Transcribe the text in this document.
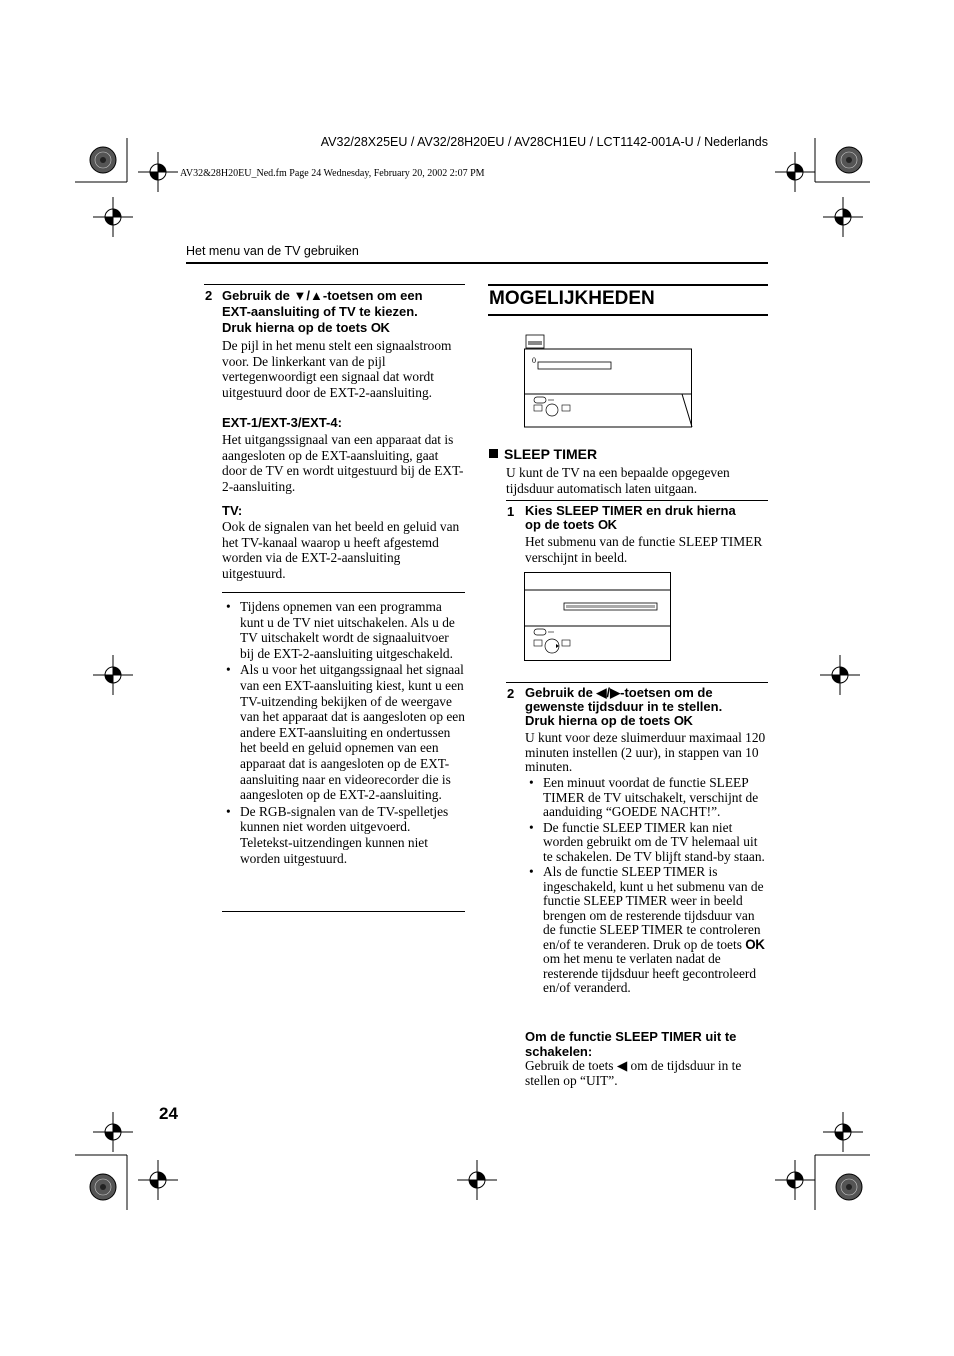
AV32/28X25EU / AV32/28H20EU / AV28CH1EU / LCT1142-001A-U / Nederlands
AV32&28H20EU_Ned.fm Page 24 Wednesday, February 20, 2002 2:07 PM
Het menu van de TV gebruiken
2 Gebruik de ▼/▲-toetsen om een
EXT-aansluiting of TV te kiezen.
Druk hierna op de toets OK
De pijl in het menu stelt een signaalstroom voor. De linkerkant van de pijl vertegenwoordigt een signaal dat wordt uitgestuurd door de EXT-2-aansluiting.
EXT-1/EXT-3/EXT-4:
Het uitgangssignaal van een apparaat dat is aangesloten op de EXT-aansluiting, gaat door de TV en wordt uitgestuurd bij de EXT-2-aansluiting.
TV:
Ook de signalen van het beeld en geluid van het TV-kanaal waarop u heeft afgestemd worden via de EXT-2-aansluiting uitgestuurd.
• Tijdens opnemen van een programma kunt u de TV niet uitschakelen. Als u de TV uitschakelt wordt de signaaluitvoer bij de EXT-2-aansluiting uitgeschakeld.
• Als u voor het uitgangssignaal het signaal van een EXT-aansluiting kiest, kunt u een TV-uitzending bekijken of de weergave van het apparaat dat is aangesloten op een andere EXT-aansluiting en ondertussen het beeld en geluid opnemen van een apparaat dat is aangesloten op de EXT-aansluiting naar en videorecorder die is aangesloten op de EXT-2-aansluiting.
• De RGB-signalen van de TV-spelletjes kunnen niet worden uitgevoerd. Teletekst-uitzendingen kunnen niet worden uitgestuurd.
MOGELIJKHEDEN
0
SLEEP TIMER
U kunt de TV na een bepaalde opgegeven tijdsduur automatisch laten uitgaan.
1 Kies SLEEP TIMER en druk hierna
op de toets OK
Het submenu van de functie SLEEP TIMER verschijnt in beeld.
2 Gebruik de ◀/▶-toetsen om de
gewenste tijdsduur in te stellen.
Druk hierna op de toets OK
U kunt voor deze sluimerduur maximaal 120 minuten instellen (2 uur), in stappen van 10 minuten.
• Een minuut voordat de functie SLEEP TIMER de TV uitschakelt, verschijnt de aanduiding “GOEDE NACHT!”.
• De functie SLEEP TIMER kan niet worden gebruikt om de TV helemaal uit te schakelen. De TV blijft stand-by staan.
• Als de functie SLEEP TIMER is ingeschakeld, kunt u het submenu van de functie SLEEP TIMER weer in beeld brengen om de resterende tijdsduur van de functie SLEEP TIMER te controleren en/of te veranderen. Druk op de toets OK om het menu te verlaten nadat de resterende tijdsduur heeft gecontroleerd en/of veranderd.
Om de functie SLEEP TIMER uit te schakelen:
Gebruik de toets ◀ om de tijdsduur in te stellen op “UIT”.
24
